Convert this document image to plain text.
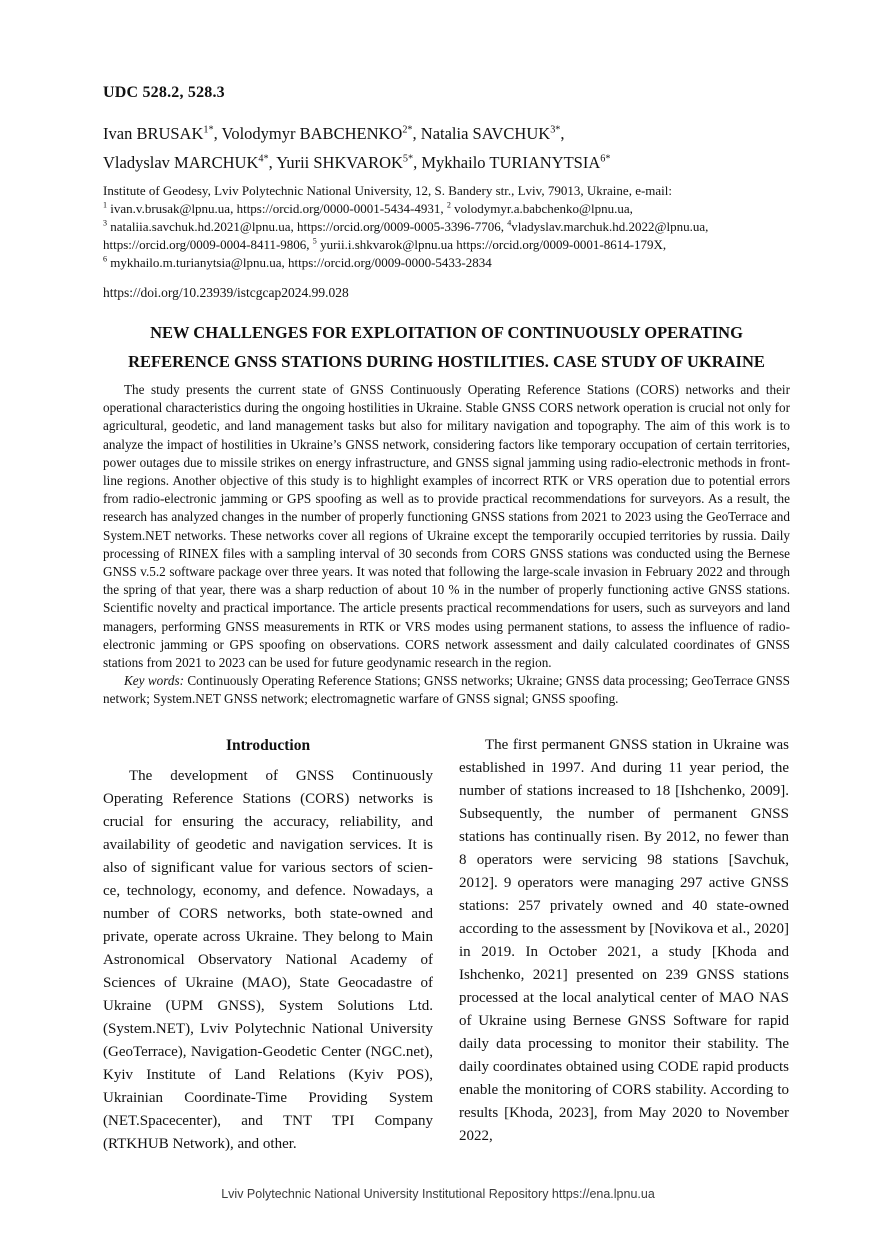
UDC 528.2, 528.3
Ivan $BRUSAK^{1*}$, Volodymyr $BABCHENKO^{2*}$, Natalia $SAVCHUK^{3*}$,
Vladyslav $MARCHUK^{4*}$, Yurii $SHKVAROK^{5*}$, Mykhailo $TURIANYTSIA^{6*}$
Institute of Geodesy, Lviv Polytechnic National University, 12, S. Bandery str., Lviv, 79013, Ukraine, e-mail:
$^1$ ivan.v.brusak@lpnu.ua, https://orcid.org/0000-0001-5434-4931, $^2$ volodymyr.a.babchenko@lpnu.ua,
$^3$ nataliia.savchuk.hd.2021@lpnu.ua, https://orcid.org/0009-0005-3396-7706, $^4$vladyslav.marchuk.hd.2022@lpnu.ua,
https://orcid.org/0009-0004-8411-9806, $^5$ yurii.i.shkvarok@lpnu.ua https://orcid.org/0009-0001-8614-179X,
$^6$ mykhailo.m.turianytsia@lpnu.ua, https://orcid.org/0009-0000-5433-2834
https://doi.org/10.23939/istcgcap2024.99.028
NEW CHALLENGES FOR EXPLOITATION OF CONTINUOUSLY OPERATING REFERENCE GNSS STATIONS DURING HOSTILITIES. CASE STUDY OF UKRAINE

The study presents the current state of GNSS Continuously Operating Reference Stations (CORS) networks and their operational characteristics during the ongoing hostilities in Ukraine. Stable GNSS CORS network operation is crucial not only for agricultural, geodetic, and land management tasks but also for military navigation and topography. The aim of this work is to analyze the impact of hostilities in Ukraine’s GNSS network, considering factors like temporary occupation of certain territories, power outages due to missile strikes on energy infrastructure, and GNSS signal jamming using radio-electronic methods in front-line regions. Another objective of this study is to highlight examples of incorrect RTK or VRS operation due to potential errors from radio-electronic jamming or GPS spoofing as well as to provide practical recommendations for surveyors. As a result, the research has analyzed changes in the number of properly functioning GNSS stations from 2021 to 2023 using the GeoTerrace and System.NET networks. These networks cover all regions of Ukraine except the temporarily occupied territories by russia. Daily processing of RINEX files with a sampling interval of 30 seconds from CORS GNSS stations was conducted using the Bernese GNSS v.5.2 software package over three years. It was noted that following the large-scale invasion in February 2022 and through the spring of that year, there was a sharp reduction of about 10 % in the number of properly functioning active GNSS stations. Scientific novelty and practical importance. The article presents practical recommendations for users, such as surveyors and land managers, performing GNSS measurements in RTK or VRS modes using permanent stations, to assess the influence of radio-electronic jamming or GPS spoofing on observations. CORS network assessment and daily calculated coordinates of GNSS stations from 2021 to 2023 can be used for future geodynamic research in the region.

Key words: Continuously Operating Reference Stations; GNSS networks; Ukraine; GNSS data processing; GeoTerrace GNSS network; System.NET GNSS network; electromagnetic warfare of GNSS signal; GNSS spoofing.

Introduction

The development of GNSS Continuously Operating Reference Stations (CORS) networks is crucial for ensuring the accuracy, reliability, and availability of geodetic and navigation services. It is also of significant value for various sectors of scien-ce, technology, economy, and defence. Nowadays, a number of CORS networks, both state-owned and private, operate across Ukraine. They belong to Main Astronomical Observatory National Academy of Sciences of Ukraine (MAO), State Geocadastre of Ukraine (UPM GNSS), System Solutions Ltd. (System.NET), Lviv Polytechnic National University (GeoTerrace), Navigation-Geodetic Center (NGC.net), Kyiv Institute of Land Relations (Kyiv POS), Ukrainian Coordinate-Time Providing System (NET.Spacecenter), and TNT TPI Company (RTKHUB Network), and other.

The first permanent GNSS station in Ukraine was established in 1997. And during 11 year period, the number of stations increased to 18 [Ishchenko, 2009]. Subsequently, the number of permanent GNSS stations has continually risen. By 2012, no fewer than 8 operators were servicing 98 stations [Savchuk, 2012]. 9 operators were managing 297 active GNSS stations: 257 privately owned and 40 state-owned according to the assessment by [Novikova et al., 2020] in 2019. In October 2021, a study [Khoda and Ishchenko, 2021] presented on 239 GNSS stations processed at the local analytical center of MAO NAS of Ukraine using Bernese GNSS Software for rapid daily data processing to monitor their stability. The daily coordinates obtained using CODE rapid products enable the monitoring of CORS stability. According to results [Khoda, 2023], from May 2020 to November 2022,

Lviv Polytechnic National University Institutional Repository https://ena.lpnu.ua
